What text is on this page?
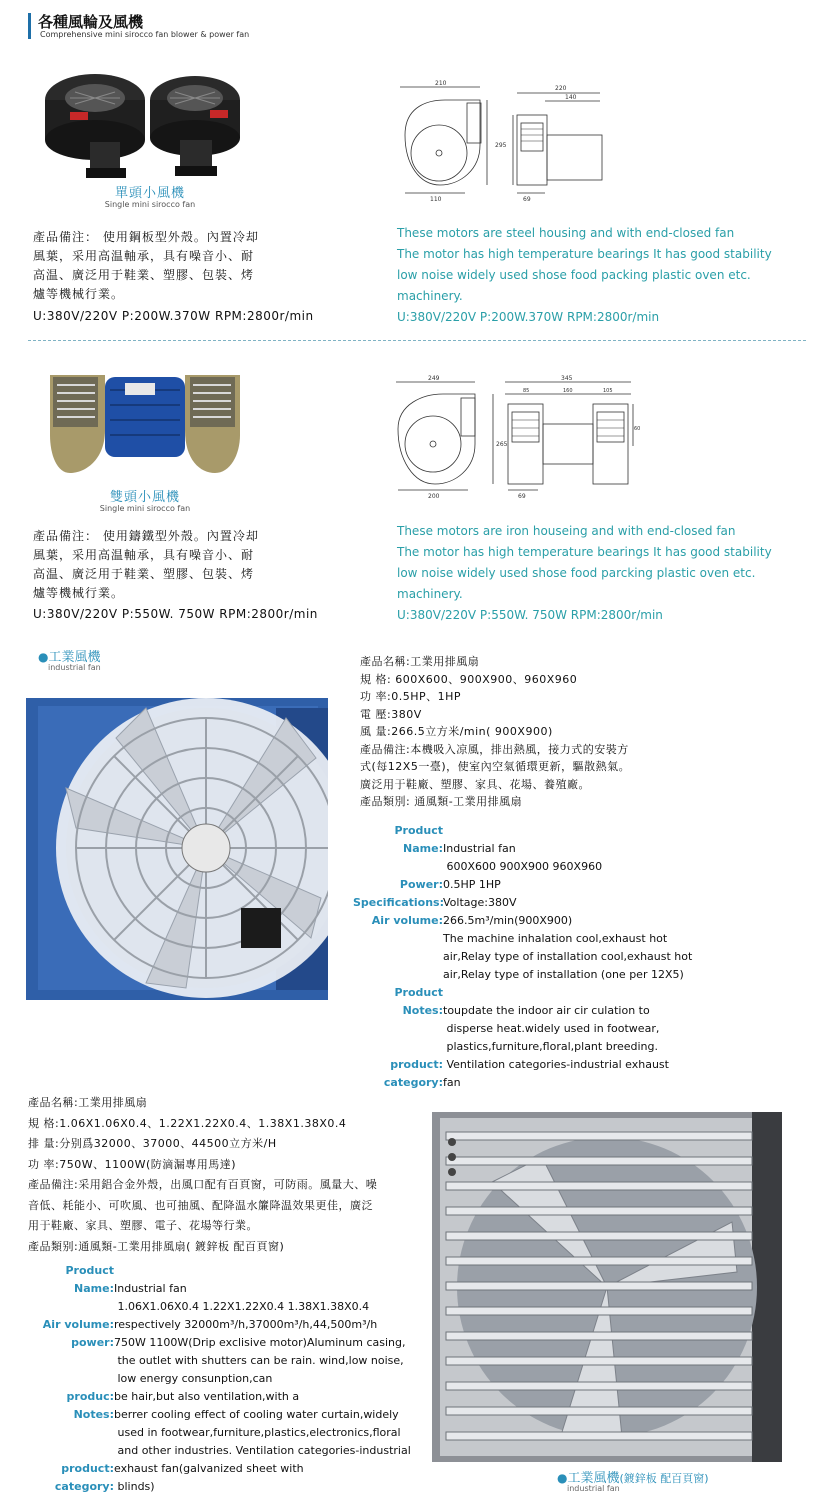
各種風輪及風機
Comprehensive mini sirocco fan blower & power fan
單頭小風機
Single mini sirocco fan
210
295
110
220
140
69
產品備注： 使用鋼板型外殼。內置冷却
風葉，采用高温軸承，具有噪音小、耐
高温、廣泛用于鞋業、塑膠、包裝、烤
爐等機械行業。
U:380V/220V P:200W.370W RPM:2800r/min
These motors are steel housing and with end-closed fan
The motor has high temperature bearings It has good stability
low noise widely used shose food packing plastic oven etc.
machinery.
U:380V/220V P:200W.370W RPM:2800r/min
雙頭小風機
Single mini sirocco fan
249
265
200
345
85	160	105
60
69
產品備注： 使用鑄鐵型外殼。內置冷却
風葉，采用高温軸承，具有噪音小、耐
高温、廣泛用于鞋業、塑膠、包裝、烤
爐等機械行業。
U:380V/220V P:550W. 750W RPM:2800r/min
These motors are iron houseing and with end-closed fan
The motor has high temperature bearings It has good stability
low noise widely used shose food parcking plastic oven etc.
machinery.
U:380V/220V P:550W. 750W RPM:2800r/min
●工業風機
industrial fan	產品名稱:工業用排風扇
規 格: 600X600、900X900、960X960
功 率:0.5HP、1HP
電 壓:380V
風 量:266.5立方米/min( 900X900)
產品備注:本機吸入凉風，排出熱風，接力式的安裝方
式(每12X5一臺)，使室內空氣循環更新，驅散熱氣。
廣泛用于鞋廠、塑膠、家具、花場、養殖廠。
產品類別: 通風類-工業用排風扇
Product Name:Industrial fan
600X600 900X900 960X960
Power:0.5HP 1HP
Specifications:Voltage:380V
Air volume:266.5m³/min(900X900)
The machine inhalation cool,exhaust hot
air,Relay type of installation cool,exhaust hot
air,Relay type of installation (one per 12X5)
Product Notes:toupdate the indoor air cir culation to
disperse heat.widely used in footwear,
plastics,furniture,floral,plant breeding.
product: Ventilation categories-industrial exhaust
category:fan
產品名稱:工業用排風扇
規 格:1.06X1.06X0.4、1.22X1.22X0.4、1.38X1.38X0.4
排 量:分别爲32000、37000、44500立方米/H
功 率:750W、1100W(防滴漏專用馬達)
產品備注:采用鋁合金外殼，出風口配有百頁窗，可防雨。風量大、噪
音低、耗能小、可吹風、也可抽風、配降温水簾降温效果更佳，廣泛
用于鞋廠、家具、塑膠、電子、花場等行業。
產品類别:通風類-工業用排風扇( 鍍鋅板 配百頁窗)
Product Name:Industrial fan
1.06X1.06X0.4 1.22X1.22X0.4 1.38X1.38X0.4
Air volume:respectively 32000m³/h,37000m³/h,44,500m³/h
power:750W 1100W(Drip exclisive motor)Aluminum casing,
the outlet with shutters can be rain. wind,low noise,
low energy consunption,can
produc:be hair,but also ventilation,with a
Notes:berrer cooling effect of cooling water curtain,widely
used in footwear,furniture,plastics,electronics,floral
and other industries. Ventilation categories-industrial
product:exhaust fan(galvanized sheet with
category: blinds)
●工業風機(鍍鋅板 配百頁窗)
industrial fan
